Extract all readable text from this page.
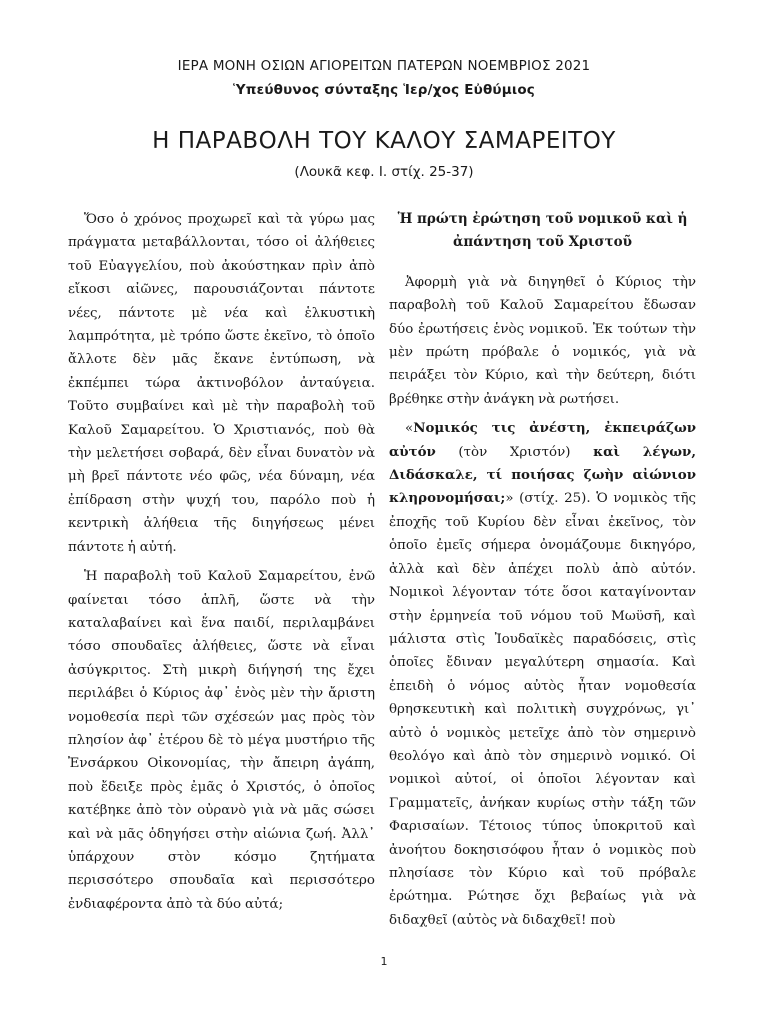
ΙΕΡΑ ΜΟΝΗ ΟΣΙΩΝ ΑΓΙΟΡΕΙΤΩΝ ΠΑΤΕΡΩΝ ΝΟΕΜΒΡΙΟΣ 2021
Ὑπεύθυνος σύνταξης Ἱερ/χος Εὐθύμιος
Η ΠΑΡΑΒΟΛΗ ΤΟΥ ΚΑΛΟΥ ΣΑΜΑΡΕΙΤΟΥ
(Λουκᾶ κεφ. Ι. στίχ. 25-37)

Ὅσο ὁ χρόνος προχωρεῖ καὶ τὰ γύρω μας πράγματα μεταβάλλονται, τόσο οἱ ἀλήθειες τοῦ Εὐαγγελίου, ποὺ ἀκούστηκαν πρὶν ἀπὸ εἴκοσι αἰῶνες, παρουσιάζονται πάντοτε νέες, πάντοτε μὲ νέα καὶ ἑλκυστικὴ λαμπρότητα, μὲ τρόπο ὥστε ἐκεῖνο, τὸ ὁποῖο ἄλλοτε δὲν μᾶς ἔκανε ἐντύπωση, νὰ ἐκπέμπει τώρα ἀκτινοβόλον ἀνταύγεια. Τοῦτο συμβαίνει καὶ μὲ τὴν παραβολὴ τοῦ Καλοῦ Σαμαρείτου. Ὁ Χριστιανός, ποὺ θὰ τὴν μελετήσει σοβαρά, δὲν εἶναι δυνατὸν νὰ μὴ βρεῖ πάντοτε νέο φῶς, νέα δύναμη, νέα ἐπίδραση στὴν ψυχή του, παρόλο ποὺ ἡ κεντρικὴ ἀλήθεια τῆς διηγήσεως μένει πάντοτε ἡ αὐτή.

Ἡ παραβολὴ τοῦ Καλοῦ Σαμαρείτου, ἐνῶ φαίνεται τόσο ἁπλῆ, ὥστε νὰ τὴν καταλαβαίνει καὶ ἕνα παιδί, περιλαμβάνει τόσο σπουδαῖες ἀλήθειες, ὥστε νὰ εἶναι ἀσύγκριτος. Στὴ μικρὴ διήγησή της ἔχει περιλάβει ὁ Κύριος ἀφ᾽ ἑνὸς μὲν τὴν ἄριστη νομοθεσία περὶ τῶν σχέσεών μας πρὸς τὸν πλησίον ἀφ᾽ ἑτέρου δὲ τὸ μέγα μυστήριο τῆς Ἐνσάρκου Οἰκονομίας, τὴν ἄπειρη ἀγάπη, ποὺ ἔδειξε πρὸς ἐμᾶς ὁ Χριστός, ὁ ὁποῖος κατέβηκε ἀπὸ τὸν οὐρανὸ γιὰ νὰ μᾶς σώσει καὶ νὰ μᾶς ὁδηγήσει στὴν αἰώνια ζωή. Ἀλλ᾽ ὑπάρχουν στὸν κόσμο ζητήματα περισσότερο σπουδαῖα καὶ περισσότερο ἐνδιαφέροντα ἀπὸ τὰ δύο αὐτά;

Ἡ πρώτη ἐρώτηση τοῦ νομικοῦ καὶ ἡ ἀπάντηση τοῦ Χριστοῦ

Ἀφορμὴ γιὰ νὰ διηγηθεῖ ὁ Κύριος τὴν παραβολὴ τοῦ Καλοῦ Σαμαρείτου ἔδωσαν δύο ἐρωτήσεις ἑνὸς νομικοῦ. Ἐκ τούτων τὴν μὲν πρώτη πρόβαλε ὁ νομικός, γιὰ νὰ πειράξει τὸν Κύριο, καὶ τὴν δεύτερη, διότι βρέθηκε στὴν ἀνάγκη νὰ ρωτήσει.

«Νομικός τις ἀνέστη, ἐκπειράζων αὐτόν (τὸν Χριστόν) καὶ λέγων, Διδάσκαλε, τί ποιήσας ζωὴν αἰώνιον κληρονομήσαι;» (στίχ. 25). Ὁ νομικὸς τῆς ἐποχῆς τοῦ Κυρίου δὲν εἶναι ἐκεῖνος, τὸν ὁποῖο ἐμεῖς σήμερα ὀνομάζουμε δικηγόρο, ἀλλὰ καὶ δὲν ἀπέχει πολὺ ἀπὸ αὐτόν. Νομικοὶ λέγονταν τότε ὅσοι καταγίνονταν στὴν ἑρμηνεία τοῦ νόμου τοῦ Μωϋσῆ, καὶ μάλιστα στὶς Ἰουδαϊκὲς παραδόσεις, στὶς ὁποῖες ἔδιναν μεγαλύτερη σημασία. Καὶ ἐπειδὴ ὁ νόμος αὐτὸς ἦταν νομοθεσία θρησκευτικὴ καὶ πολιτικὴ συγχρόνως, γι᾽ αὐτὸ ὁ νομικὸς μετεῖχε ἀπὸ τὸν σημερινὸ θεολόγο καὶ ἀπὸ τὸν σημερινὸ νομικό. Οἱ νομικοὶ αὐτοί, οἱ ὁποῖοι λέγονταν καὶ Γραμματεῖς, ἀνήκαν κυρίως στὴν τάξη τῶν Φαρισαίων. Τέτοιος τύπος ὑποκριτοῦ καὶ ἀνοήτου δοκησισόφου ἦταν ὁ νομικὸς ποὺ πλησίασε τὸν Κύριο καὶ τοῦ πρόβαλε ἐρώτημα. Ρώτησε ὄχι βεβαίως γιὰ νὰ διδαχθεῖ (αὐτὸς νὰ διδαχθεῖ! ποὺ

1
